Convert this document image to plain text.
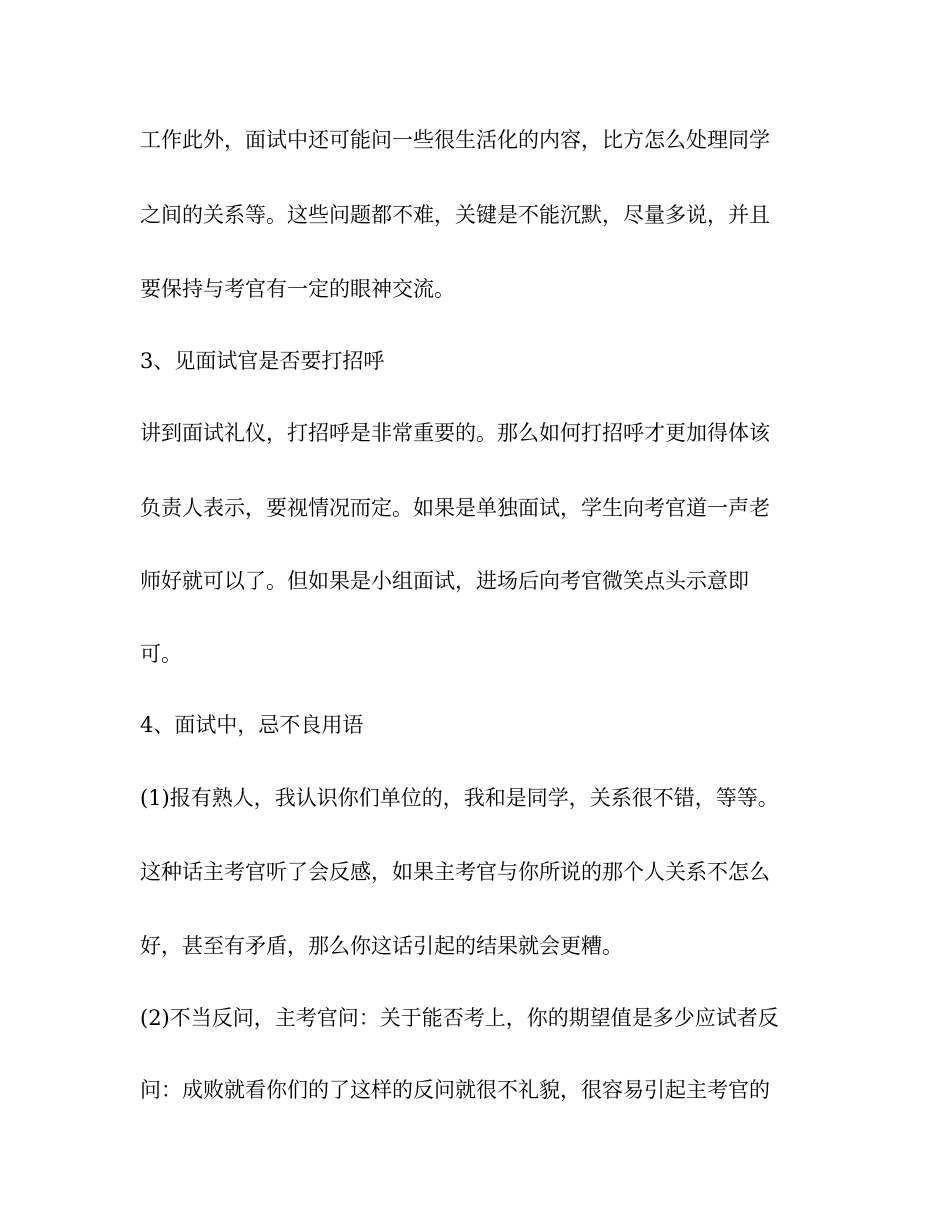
工作此外，面试中还可能问一些很生活化的内容，比方怎么处理同学
之间的关系等。这些问题都不难，关键是不能沉默，尽量多说，并且
要保持与考官有一定的眼神交流。
3、见面试官是否要打招呼
讲到面试礼仪，打招呼是非常重要的。那么如何打招呼才更加得体该
负责人表示，要视情况而定。如果是单独面试，学生向考官道一声老
师好就可以了。但如果是小组面试，进场后向考官微笑点头示意即
可。
4、面试中，忌不良用语
(1)报有熟人，我认识你们单位的，我和是同学，关系很不错，等等。
这种话主考官听了会反感，如果主考官与你所说的那个人关系不怎么
好，甚至有矛盾，那么你这话引起的结果就会更糟。
(2)不当反问，主考官问：关于能否考上，你的期望值是多少应试者反
问：成败就看你们的了这样的反问就很不礼貌，很容易引起主考官的
